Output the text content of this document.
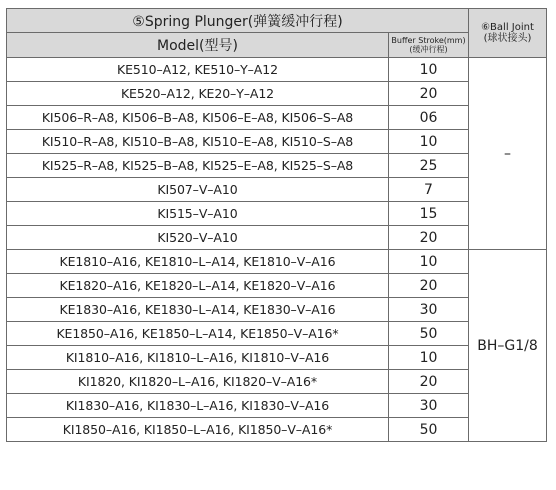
⑤Spring Plunger(弹簧缓冲行程)		⑥Ball Joint
(球状接头)

Model(型号)	Buffer Stroke(mm)
(缓冲行程)	

KE510–A12, KE510–Y–A12	10	–
KE520–A12, KE20–Y–A12	20	
KI506–R–A8, KI506–B–A8, KI506–E–A8, KI506–S–A8	06	
KI510–R–A8, KI510–B–A8, KI510–E–A8, KI510–S–A8	10	
KI525–R–A8, KI525–B–A8, KI525–E–A8, KI525–S–A8	25	
KI507–V–A10	7	
KI515–V–A10	15	
KI520–V–A10	20	
KE1810–A16, KE1810–L–A14, KE1810–V–A16	10	BH–G1/8
KE1820–A16, KE1820–L–A14, KE1820–V–A16	20	
KE1830–A16, KE1830–L–A14, KE1830–V–A16	30	
KE1850–A16, KE1850–L–A14, KE1850–V–A16*	50	
KI1810–A16, KI1810–L–A16, KI1810–V–A16	10	
KI1820, KI1820–L–A16, KI1820–V–A16*	20	
KI1830–A16, KI1830–L–A16, KI1830–V–A16	30	
KI1850–A16, KI1850–L–A16, KI1850–V–A16*	50	
